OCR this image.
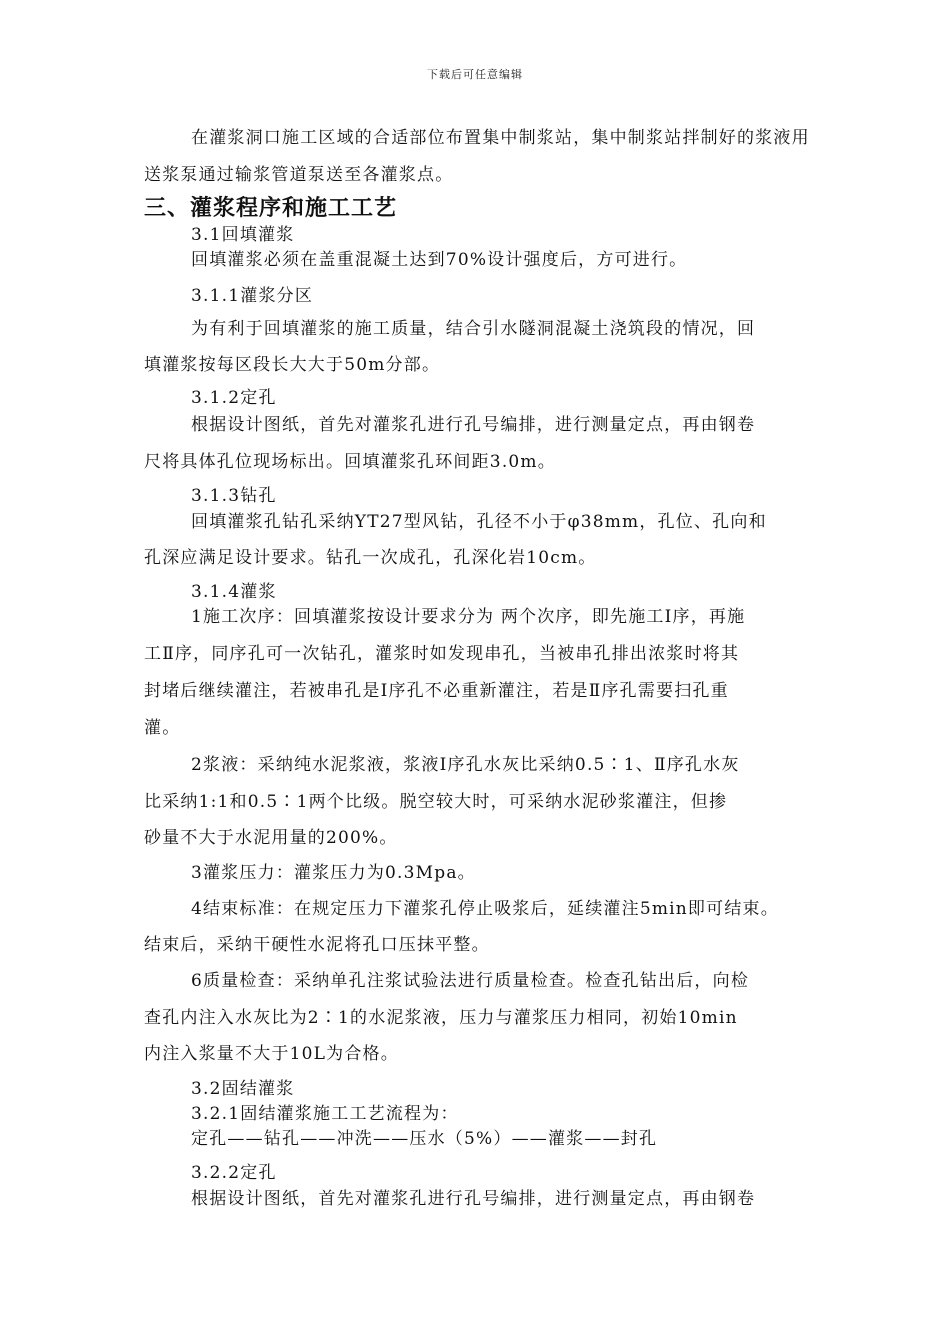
下载后可任意编辑
在灌浆洞口施工区域的合适部位布置集中制浆站，集中制浆站拌制好的浆液用
送浆泵通过输浆管道泵送至各灌浆点。
三、灌浆程序和施工工艺
3.1回填灌浆
回填灌浆必须在盖重混凝土达到70%设计强度后，方可进行。
3.1.1灌浆分区
为有利于回填灌浆的施工质量，结合引水隧洞混凝土浇筑段的情况，回
填灌浆按每区段长大大于50m分部。
3.1.2定孔
根据设计图纸，首先对灌浆孔进行孔号编排，进行测量定点，再由钢卷
尺将具体孔位现场标出。回填灌浆孔环间距3.0m。
3.1.3钻孔
回填灌浆孔钻孔采纳YT27型风钻，孔径不小于φ38mm，孔位、孔向和
孔深应满足设计要求。钻孔一次成孔，孔深化岩10cm。
3.1.4灌浆
1施工次序：回填灌浆按设计要求分为 两个次序，即先施工Ⅰ序，再施
工Ⅱ序，同序孔可一次钻孔，灌浆时如发现串孔，当被串孔排出浓浆时将其
封堵后继续灌注，若被串孔是Ⅰ序孔不必重新灌注，若是Ⅱ序孔需要扫孔重
灌。
2浆液：采纳纯水泥浆液，浆液Ⅰ序孔水灰比采纳0.5∶1、Ⅱ序孔水灰
比采纳1:1和0.5∶1两个比级。脱空较大时，可采纳水泥砂浆灌注，但掺
砂量不大于水泥用量的200%。
3灌浆压力：灌浆压力为0.3Mpa。
4结束标准：在规定压力下灌浆孔停止吸浆后，延续灌注5min即可结束。
结束后，采纳干硬性水泥将孔口压抹平整。
6质量检查：采纳单孔注浆试验法进行质量检查。检查孔钻出后，向检
查孔内注入水灰比为2∶1的水泥浆液，压力与灌浆压力相同，初始10min
内注入浆量不大于10L为合格。
3.2固结灌浆
3.2.1固结灌浆施工工艺流程为：
定孔——钻孔——冲洗——压水（5%）——灌浆——封孔
3.2.2定孔
根据设计图纸，首先对灌浆孔进行孔号编排，进行测量定点，再由钢卷
